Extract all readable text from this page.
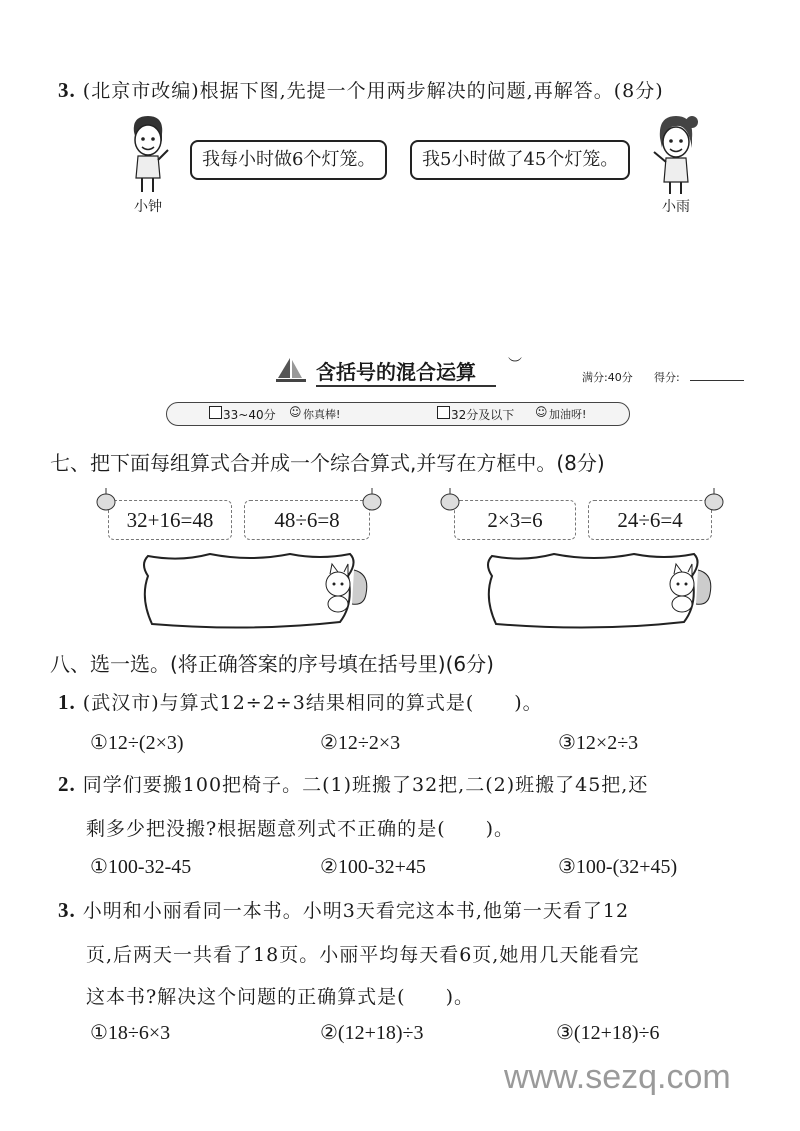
3. (北京市改编)根据下图,先提一个用两步解决的问题,再解答。(8分)
小钟
我每小时做6个灯笼。	我5小时做了45个灯笼。
小雨
含括号的混合运算	︶
满分:40分 得分:
33~40分 ☺ 你真棒!	32分及以下 ☺ 加油呀!
七、把下面每组算式合并成一个综合算式,并写在方框中。(8分)
32+16=48	48÷6=8	2×3=6	24÷6=4
八、选一选。(将正确答案的序号填在括号里)(6分)
1. (武汉市)与算式12÷2÷3结果相同的算式是(　　)。
①12÷(2×3)	②12÷2×3	③12×2÷3
2. 同学们要搬100把椅子。二(1)班搬了32把,二(2)班搬了45把,还
剩多少把没搬?根据题意列式不正确的是(　　)。
①100-32-45	②100-32+45	③100-(32+45)
3. 小明和小丽看同一本书。小明3天看完这本书,他第一天看了12
页,后两天一共看了18页。小丽平均每天看6页,她用几天能看完
这本书?解决这个问题的正确算式是(　　)。
①18÷6×3	②(12+18)÷3	③(12+18)÷6
www.sezq.com
